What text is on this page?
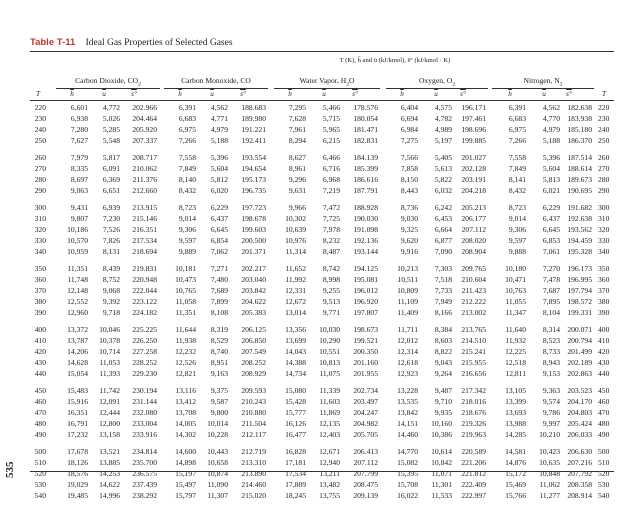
535
Table T-11 Ideal Gas Properties of Selected Gases
T (K), h̄ and ū (kJ/kmol), s̄° (kJ/kmol · K)
Carbon Dioxide, $CO_2$	Carbon Monoxide, CO	Water Vapor, $H_2O$	Oxygen, $O_2$	Nitrogen, $N_2$
T	$\overline{h}$	$\overline{u}$	s°	$\overline{h}$	$\overline{u}$	s°	$\overline{h}$	$\overline{u}$	s°	$\overline{h}$	$\overline{u}$	s°	$\overline{h}$	$\overline{u}$	s°	T
220	6,601	4,772	202.966	6,391	4,562	188.683	7,295	5,466	178.576	6,404	4,575	196.171	6,391	4,562 182.638 220
230	6,938	5,026	204.464	6,683	4,771	189.980	7,628	5,715	180.054	6,694	4,782	197.461	6,683	4,770 183.938 230
240	7,280	5,285	205.920	6,975	4,979	191.221	7,961	5,965	181.471	6,984	4,989	198.696	6,975	4,979 185.180 240
250	7,627	5,548	207.337	7,266	5,188	192.411	8,294	6,215	182.831	7,275	5,197	199.885	7,266	5,188 186.370 250
260	7,979	5,817	208.717	7,558	5,396	193.554	8,627	6,466	184.139	7,566	5,405	201.027	7,558	5,396 187.514 260
270	8,335	6,091	210.062	7,849	5,604	194.654	8,961	6,716	185.399	7,858	5,613	202.128	7,849	5,604 188.614 270
280	8,697	6,369	211.376	8,140	5,812	195.173	9,296	6,968	186.616	8,150	5,822	203.191	8,141	5,813 189.673 280
290	9,063	6,651	212.660	8,432	6,020	196.735	9,631	7,219	187.791	8,443	6,032	204.218	8,432	6,021 190.695 290
300	9,431	6,939	213.915	8,723	6,229	197.723	9,966	7,472	188.928	8,736	6,242	205.213	8,723	6,229 191.682 300
310	9,807	7,230	215.146	9,014	6,437	198.678	10,302	7,725	190.030	9,030	6,453	206.177	9,014	6,437 192.638 310
320	10,186	7,526	216.351	9,306	6,645	199.603	10,639	7,978	191.098	9,325	6,664	207.112	9,306	6,645 193.562 320
330	10,570	7,826	217.534	9,597	6,854	200.500	10,976	8,232	192.136	9,620	6,877	208.020	9,597	6,853 194.459 330
340	10,959	8,131	218.694	9,889	7,062	201.371	11,314	8,487	193.144	9,916	7,090	208.904	9,888	7,061 195.328 340
350	11,351	8,439	219.831	10,181	7,271	202.217	11,652	8,742	194.125	10,213	7,303	209.765	10,180	7,270 196.173 350
360	11,748	8,752	220.948	10,473	7,480	203.040	11,992	8,998	195.081	10,511	7,518	210.604	10,471	7,478 196.995 360
370	12,148	9,068	222.044	10,765	7,689	203.842	12,331	9,255	196.012	10,809	7,733	211.423	10,763	7,687 197.794 370
380	12,552	9,392	223.122	11,058	7,899	204.622	12,672	9,513	196.920	11,109	7,949	212.222	11,055	7,895 198.572 380
390	12,960	9,718	224.182	11,351	8,108	205.383	13,014	9,771	197.807	11,409	8,166	213.002	11,347	8,104 199.331 390
400	13,372	10,046	225.225	11,644	8,319	206.125	13,356	10,030	198.673	11,711	8,384	213.765	11,640	8,314 200.071 400
410	13,787	10,378	226.250	11,938	8,529	206.850	13,699	10,290	199.521	12,012	8,603	214.510	11,932	8,523 200.794 410
420	14,206	10,714	227.258	12,232	8,740	207.549	14,043	10,551	200.350	12,314	8,822	215.241	12,225	8,733 201.499 420
430	14,628	11,053	228.252	12,526	8,951	208.252	14,388	10,813	201.160	12,618	9,043	215.955	12,518	8,943 202.189 430
440	15,054	11,393	229.230	12,821	9,163	208.929	14,734	11,075	201.955	12,923	9,264	216.656	12,811	9,153 202.863 440
450	15,483	11,742	230.194	13,116	9,375	209.593	15,080	11,339	202.734	13,228	9,487	217.342	13,105	9,363 203.523 450
460	15,916	12,091	231.144	13,412	9,587	210.243	15,428	11,603	203.497	13,535	9,710	218.016	13,399	9,574 204.170 460
470	16,351	12,444	232.080	13,708	9,800	210.880	15,777	11,869	204.247	13,842	9,935	218.676	13,693	9,786 204.803 470
480	16,791	12,800	233.004	14,005	10,014	211.504	16,126	12,135	204.982	14,151	10,160	219.326	13,988	9,997 205.424 480
490	17,232	13,158	233.916	14,302	10,228	212.117	16,477	12,403	205.705	14,460	10,386	219.963	14,285	10,210 206.033 490
500	17,678	13,521	234.814	14,600	10,443	212.719	16,828	12,671	206.413	14,770	10,614	220.589	14,581	10,423 206.630 500
510	18,126	13,885	235.700	14,898	10,658	213.310	17,181	12,940	207.112	15,082	10,842	221.206	14,876	10,635 207.216 510
520	18,576	14,253	236.575	15,197	10,874	213.890	17,534	13,211	207.799	15,395	11,071	221.812	15,172	10,848 207.792 520
530	19,029	14,622	237.439	15,497	11,090	214.460	17,889	13,482	208.475	15,708	11,301	222.409	15,469	11,062 208.358 530
540	19,485	14,996	238.292	15,797	11,307	215.020	18,245	13,755	209.139	16,022	11,533	222.997	15,766	11,277 208.914 540
